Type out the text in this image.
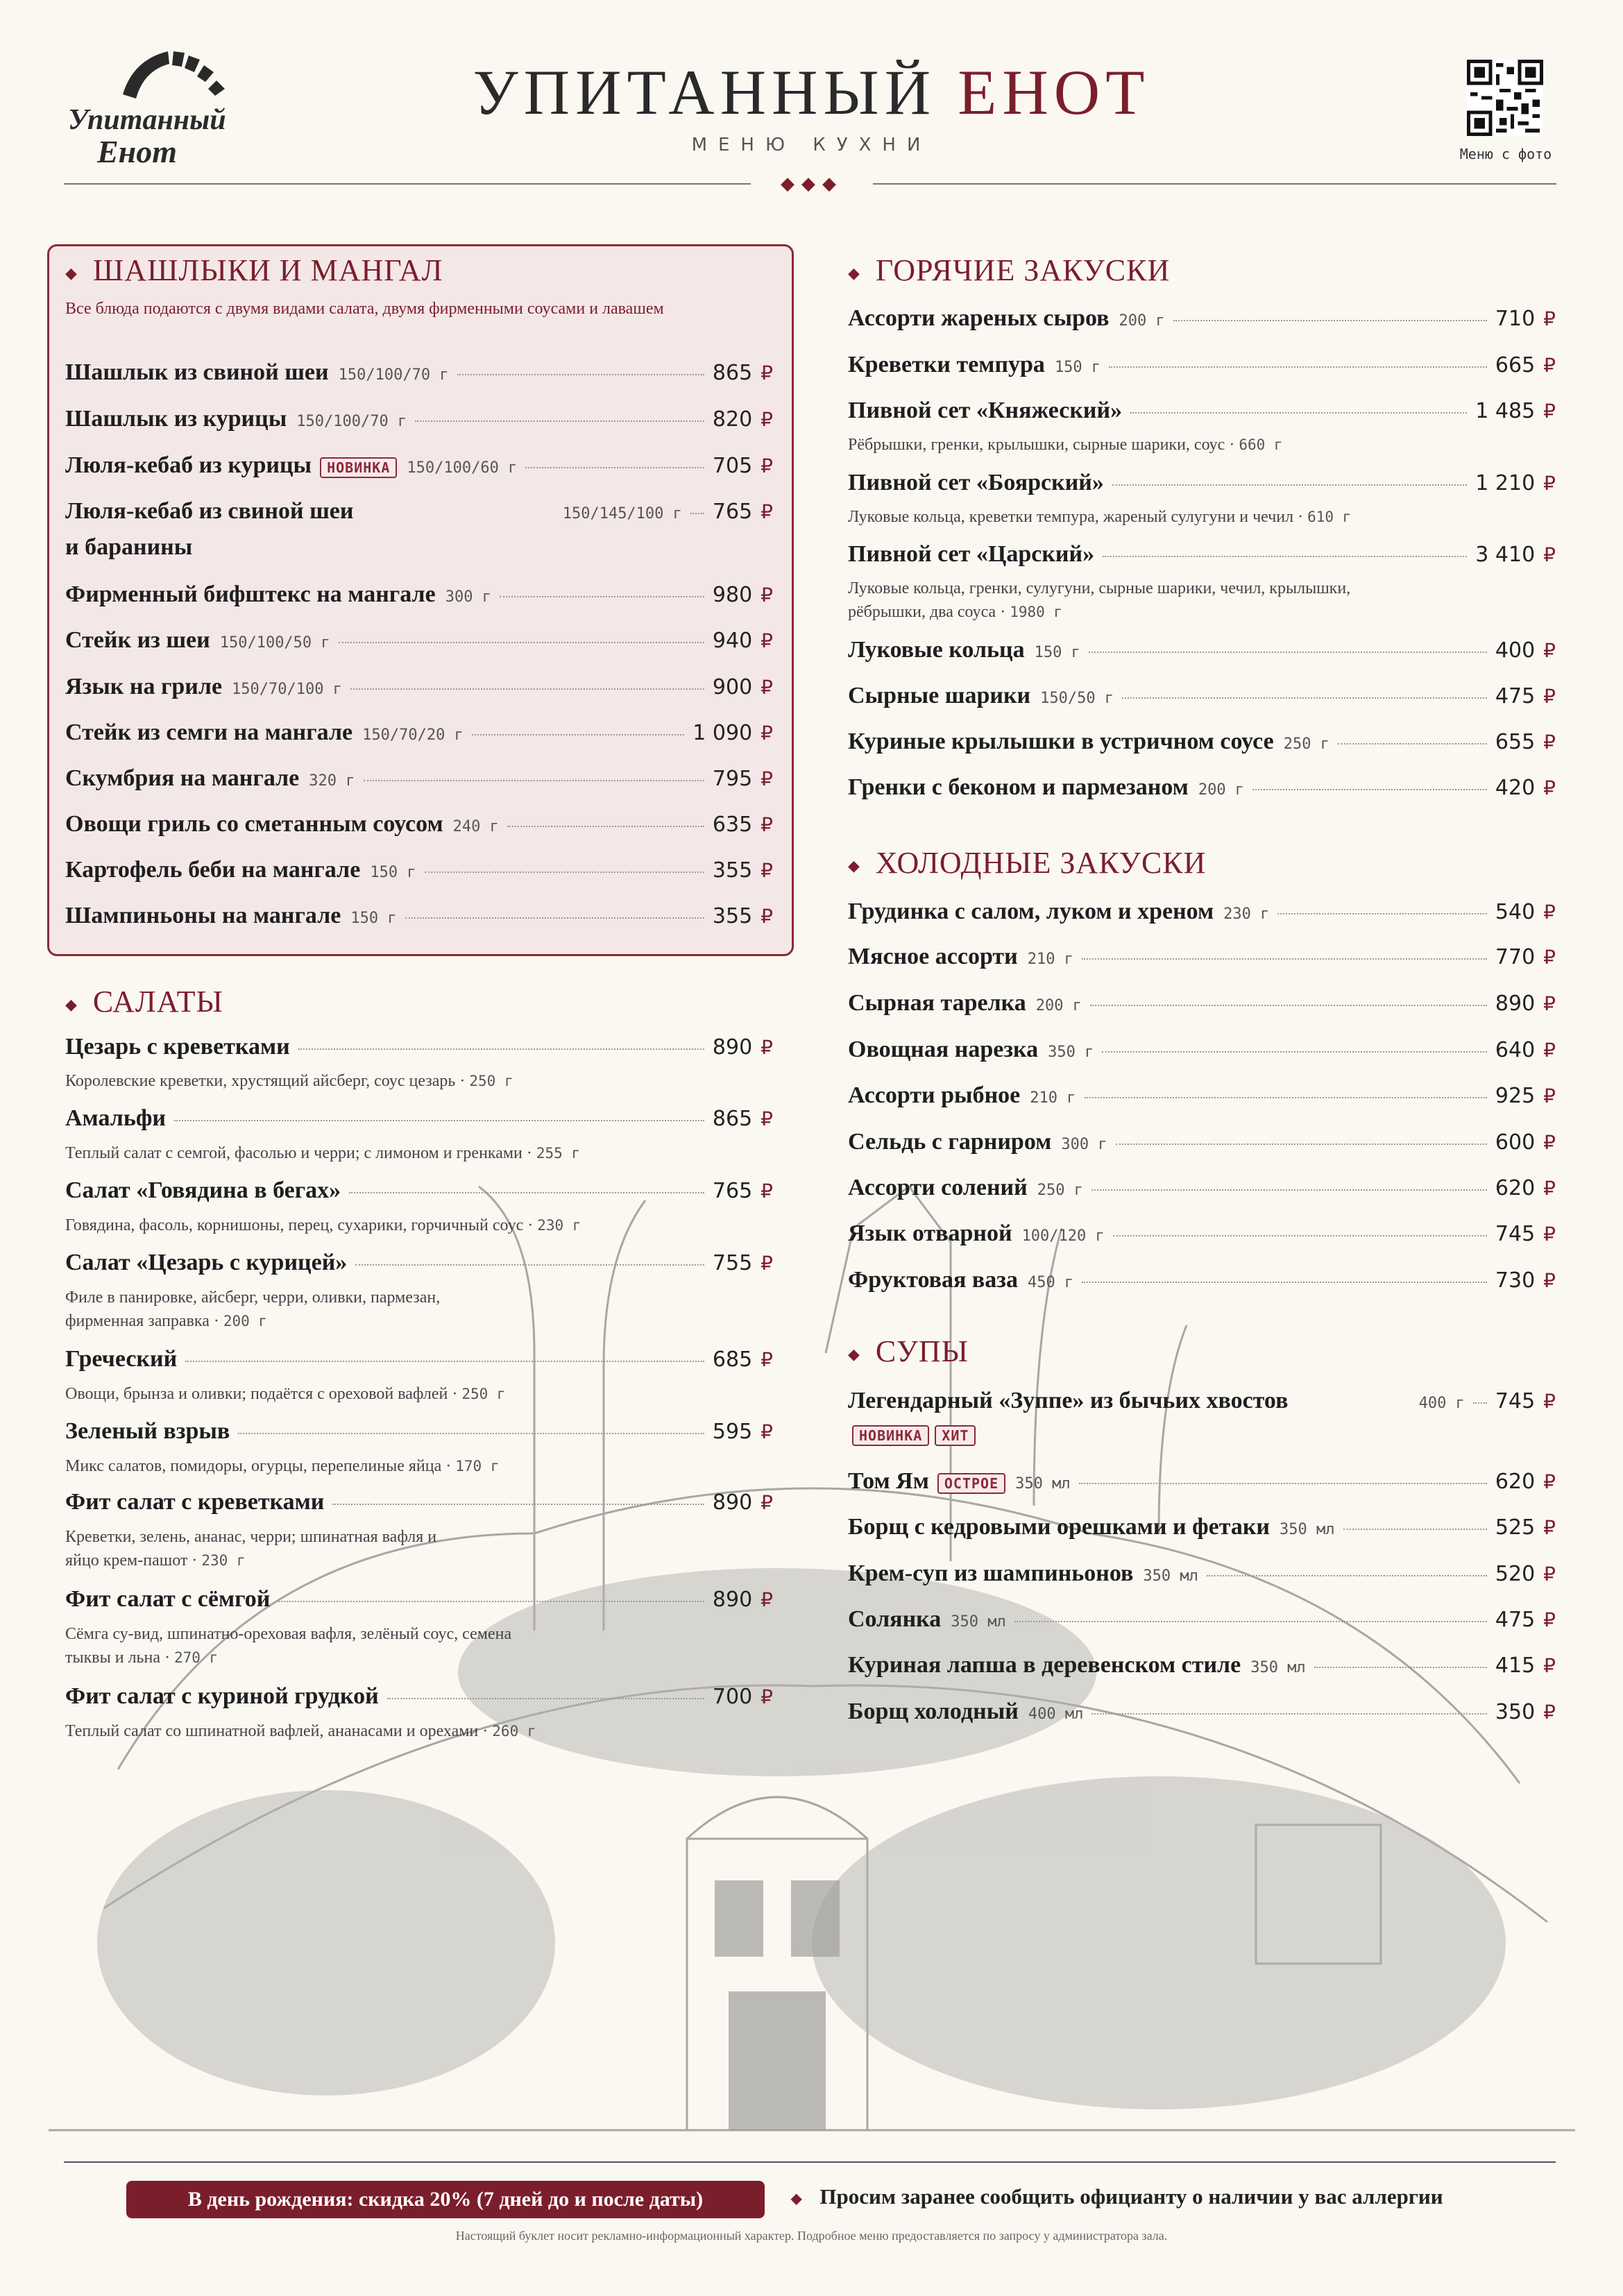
Упитанный
Енот
УПИТАННЫЙ ЕНОТ
МЕНЮ КУХНИ
◆◆◆
Меню с фото
◆ ШАШЛЫКИ И МАНГАЛ
Все блюда подаются с двумя видами салата, двумя фирменными соусами и лавашем
Шашлык из свиной шеи 150/100/70 г	865 ₽
Шашлык из курицы 150/100/70 г	820 ₽
Люля-кебаб из курицы	НОВИНКА	150/100/60 г	705 ₽
Люля-кебаб из свиной шеи	150/145/100 г 765 ₽
и баранины
Фирменный бифштекс на мангале 300 г	980 ₽
Стейк из шеи 150/100/50 г	940 ₽
Язык на гриле 150/70/100 г	900 ₽
Стейк из семги на мангале 150/70/20 г	1 090 ₽
Скумбрия на мангале 320 г	795 ₽
Овощи гриль со сметанным соусом 240 г	635 ₽
Картофель беби на мангале 150 г	355 ₽
Шампиньоны на мангале 150 г	355 ₽
◆ САЛАТЫ
Цезарь с креветками	890 ₽
Королевские креветки, хрустящий айсберг, соус цезарь · 250 г
Амальфи	865 ₽
Теплый салат с семгой, фасолью и черри; с лимоном и гренками · 255 г
Салат «Говядина в бегах»	765 ₽
Говядина, фасоль, корнишоны, перец, сухарики, горчичный соус · 230 г
Салат «Цезарь с курицей»	755 ₽
Филе в панировке, айсберг, черри, оливки, пармезан,
фирменная заправка · 200 г
Греческий	685 ₽
Овощи, брынза и оливки; подаётся с ореховой вафлей · 250 г
Зеленый взрыв	595 ₽
Микс салатов, помидоры, огурцы, перепелиные яйца · 170 г
Фит салат с креветками	890 ₽
Креветки, зелень, ананас, черри; шпинатная вафля и
яйцо крем-пашот · 230 г
Фит салат с сёмгой	890 ₽
Сёмга су-вид, шпинатно-ореховая вафля, зелёный соус, семена
тыквы и льна · 270 г
Фит салат с куриной грудкой	700 ₽
Теплый салат со шпинатной вафлей, ананасами и орехами · 260 г
◆ ГОРЯЧИЕ ЗАКУСКИ
Ассорти жареных сыров 200 г	710 ₽
Креветки темпура 150 г	665 ₽
Пивной сет «Княжеский»	1 485 ₽
Рёбрышки, гренки, крылышки, сырные шарики, соус · 660 г
Пивной сет «Боярский»	1 210 ₽
Луковые кольца, креветки темпура, жареный сулугуни и чечил · 610 г
Пивной сет «Царский»	3 410 ₽
Луковые кольца, гренки, сулугуни, сырные шарики, чечил, крылышки,
рёбрышки, два соуса · 1980 г
Луковые кольца 150 г	400 ₽
Сырные шарики 150/50 г	475 ₽
Куриные крылышки в устричном соусе 250 г	655 ₽
Гренки с беконом и пармезаном 200 г	420 ₽
◆ ХОЛОДНЫЕ ЗАКУСКИ
Грудинка с салом, луком и хреном 230 г	540 ₽
Мясное ассорти 210 г	770 ₽
Сырная тарелка 200 г	890 ₽
Овощная нарезка 350 г	640 ₽
Ассорти рыбное 210 г	925 ₽
Сельдь с гарниром 300 г	600 ₽
Ассорти солений 250 г	620 ₽
Язык отварной 100/120 г	745 ₽
Фруктовая ваза 450 г	730 ₽
◆ СУПЫ
Легендарный «Зуппе» из бычьих хвостов	400 г 745 ₽
НОВИНКА ХИТ
Том Ям	ОСТРОЕ	350 мл	620 ₽
Борщ с кедровыми орешками и фетаки 350 мл	525 ₽
Крем-суп из шампиньонов 350 мл	520 ₽
Солянка 350 мл	475 ₽
Куриная лапша в деревенском стиле 350 мл	415 ₽
Борщ холодный 400 мл	350 ₽
В день рождения: скидка 20% (7 дней до и после даты)	◆ Просим заранее сообщить официанту о наличии у вас аллергии
Настоящий буклет носит рекламно-информационный характер. Подробное меню предоставляется по запросу у администратора зала.
